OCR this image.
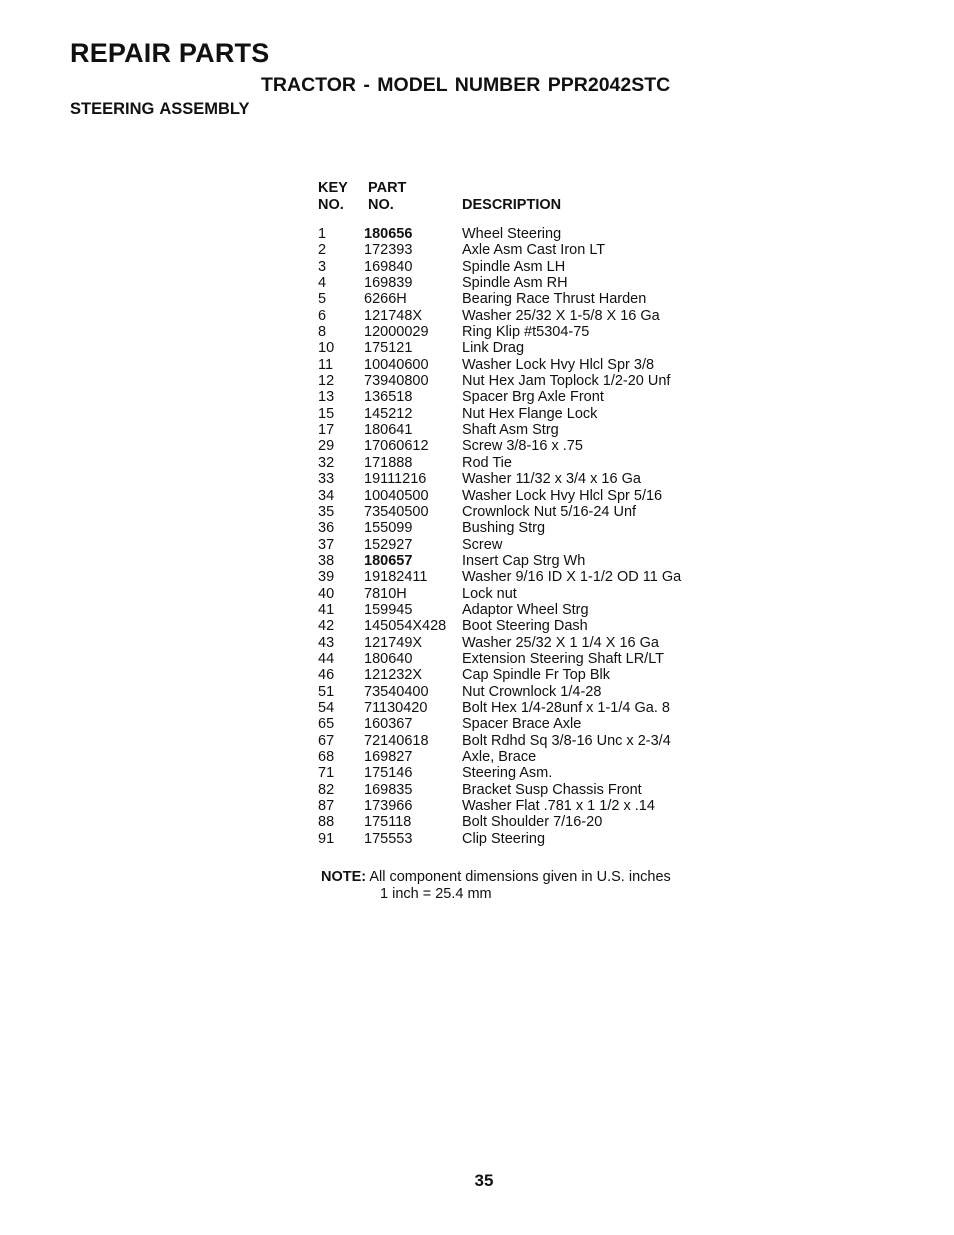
REPAIR PARTS
TRACTOR - MODEL NUMBER PPR2042STC
STEERING ASSEMBLY
KEY
NO.
PART
NO.	DESCRIPTION
1	180656	Wheel Steering
2	172393	Axle Asm Cast Iron LT
3	169840	Spindle Asm LH
4	169839	Spindle Asm RH
5	6266H	Bearing Race Thrust Harden
6	121748X	Washer 25/32 X 1-5/8 X 16 Ga
8	12000029 Ring Klip #t5304-75
10 175121	Link Drag
11 10040600 Washer Lock Hvy Hlcl Spr 3/8
12 73940800 Nut Hex Jam Toplock 1/2-20 Unf
13 136518	Spacer Brg Axle Front
15 145212	Nut Hex Flange Lock
17 180641	Shaft Asm Strg
29 17060612 Screw 3/8-16 x .75
32 171888	Rod Tie
33 19111216 Washer 11/32 x 3/4 x 16 Ga
34 10040500 Washer Lock Hvy Hlcl Spr 5/16
35 73540500 Crownlock Nut 5/16-24 Unf
36 155099	Bushing Strg
37 152927	Screw
38 180657	Insert Cap Strg Wh
39 19182411 Washer 9/16 ID X 1-1/2 OD 11 Ga
40 7810H	Lock nut
41 159945	Adaptor Wheel Strg
42 145054X428 Boot Steering Dash
43 121749X	Washer 25/32 X 1 1/4 X 16 Ga
44 180640	Extension Steering Shaft LR/LT
46 121232X	Cap Spindle Fr Top Blk
51 73540400 Nut Crownlock 1/4-28
54 71130420 Bolt Hex 1/4-28unf x 1-1/4 Ga. 8
65 160367	Spacer Brace Axle
67 72140618 Bolt Rdhd Sq 3/8-16 Unc x 2-3/4
68 169827	Axle, Brace
71 175146	Steering Asm.
82 169835	Bracket Susp Chassis Front
87 173966	Washer Flat .781 x 1 1/2 x .14
88 175118	Bolt Shoulder 7/16-20
91 175553	Clip Steering
NOTE: All component dimensions given in U.S. inches
1 inch = 25.4 mm
35
